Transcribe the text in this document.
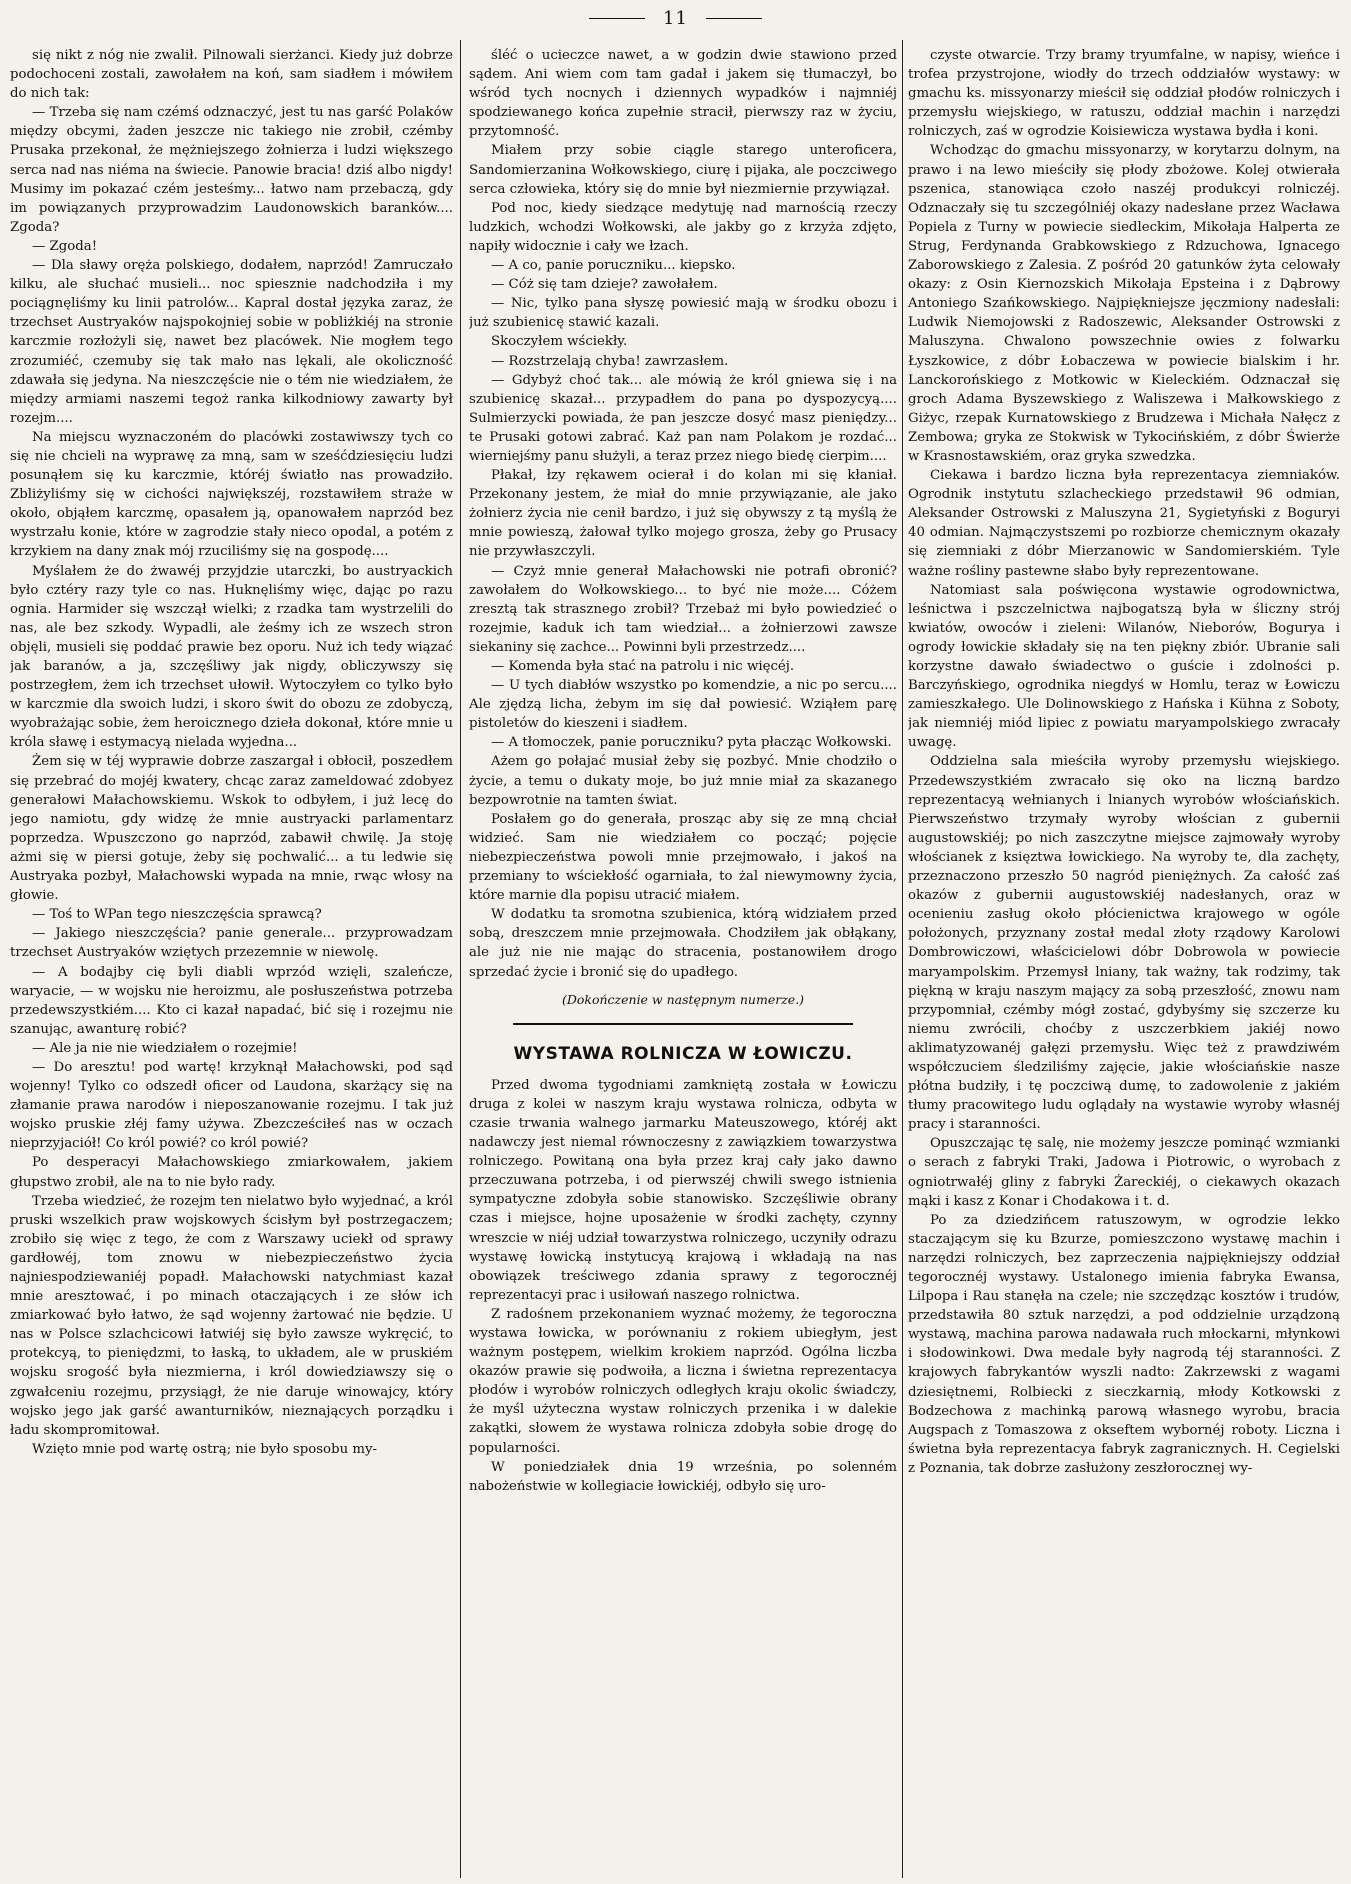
11

się nikt z nóg nie zwalił. Pilnowali sierżanci. Kiedy już dobrze podochoceni zostali, zawołałem na koń, sam siadłem i mówiłem do nich tak:

— Trzeba się nam czémś odznaczyć, jest tu nas garść Polaków między obcymi, żaden jeszcze nic takiego nie zrobił, czémby Prusaka przekonał, że mężniejszego żołnierza i ludzi większego serca nad nas niéma na świecie. Panowie bracia! dziś albo nigdy! Musimy im pokazać czém jesteśmy... łatwo nam przebaczą, gdy im powiązanych przyprowadzim Laudonowskich baranków.... Zgoda?

— Zgoda!

— Dla sławy oręża polskiego, dodałem, naprzód! Zamruczało kilku, ale słuchać musieli... noc spiesznie nadchodziła i my pociągnęliśmy ku linii patrolów... Kapral dostał języka zaraz, że trzechset Austryaków najspokojniej sobie w pobliżkiéj na stronie karczmie rozłożyli się, nawet bez placówek. Nie mogłem tego zrozumiéć, czemuby się tak mało nas lękali, ale okoliczność zdawała się jedyna. Na nieszczęście nie o tém nie wiedziałem, że między armiami naszemi tegoż ranka kilkodniowy zawarty był rozejm....

Na miejscu wyznaczoném do placówki zostawiwszy tych co się nie chcieli na wyprawę za mną, sam w sześćdziesięciu ludzi posunąłem się ku karczmie, któréj światło nas prowadziło. Zbliżyliśmy się w cichości największéj, rozstawiłem straże w około, objąłem karczmę, opasałem ją, opanowałem naprzód bez wystrzału konie, które w zagrodzie stały nieco opodal, a potém z krzykiem na dany znak mój rzuciliśmy się na gospodę....

Myślałem że do żwawéj przyjdzie utarczki, bo austryackich było cztéry razy tyle co nas. Huknęliśmy więc, dając po razu ognia. Harmider się wszczął wielki; z rzadka tam wystrzelili do nas, ale bez szkody. Wypadli, ale żeśmy ich ze wszech stron objęli, musieli się poddać prawie bez oporu. Nuż ich tedy wiązać jak baranów, a ja, szczęśliwy jak nigdy, obliczywszy się postrzegłem, żem ich trzechset ułowił. Wytoczyłem co tylko było w karczmie dla swoich ludzi, i skoro świt do obozu ze zdobyczą, wyobrażając sobie, żem heroicznego dzieła dokonał, które mnie u króla sławę i estymacyą nielada wyjedna...

Żem się w téj wyprawie dobrze zaszargał i obłocił, poszedłem się przebrać do mojéj kwatery, chcąc zaraz zameldować zdobyez generałowi Małachowskiemu. Wskok to odbyłem, i już lecę do jego namiotu, gdy widzę że mnie austryacki parlamentarz poprzedza. Wpuszczono go naprzód, zabawił chwilę. Ja stoję ażmi się w piersi gotuje, żeby się pochwalić... a tu ledwie się Austryaka pozbył, Małachowski wypada na mnie, rwąc włosy na głowie.

— Toś to WPan tego nieszczęścia sprawcą?

— Jakiego nieszczęścia? panie generale... przyprowadzam trzechset Austryaków wziętych przezemnie w niewolę.

— A bodajby cię byli diabli wprzód wzięli, szaleńcze, waryacie, — w wojsku nie heroizmu, ale posłuszeństwa potrzeba przedewszystkiém.... Kto ci kazał napadać, bić się i rozejmu nie szanując, awanturę robić?

— Ale ja nie nie wiedziałem o rozejmie!

— Do aresztu! pod wartę! krzyknął Małachowski, pod sąd wojenny! Tylko co odszedł oficer od Laudona, skarżący się na złamanie prawa narodów i nieposzanowanie rozejmu. I tak już wojsko pruskie złéj famy używa. Zbezcześciłeś nas w oczach nieprzyjaciół! Co król powié? co król powié?

Po desperacyi Małachowskiego zmiarkowałem, jakiem głupstwo zrobił, ale na to nie było rady.

Trzeba wiedzieć, że rozejm ten nielatwo było wyjednać, a król pruski wszelkich praw wojskowych ścisłym był postrzegaczem; zrobiło się więc z tego, że com z Warszawy uciekł od sprawy gardłowéj, tom znowu w niebezpieczeństwo życia najniespodziewaniéj popadł. Małachowski natychmiast kazał mnie aresztować, i po minach otaczających i ze słów ich zmiarkować było łatwo, że sąd wojenny żartować nie będzie. U nas w Polsce szlachcicowi łatwiéj się było zawsze wykręcić, to protekcyą, to pieniędzmi, to łaską, to układem, ale w pruskiém wojsku srogość była niezmierna, i król dowiedziawszy się o zgwałceniu rozejmu, przysiągł, że nie daruje winowajcy, który wojsko jego jak garść awanturników, nieznających porządku i ładu skompromitował.

Wzięto mnie pod wartę ostrą; nie było sposobu my-

śléć o ucieczce nawet, a w godzin dwie stawiono przed sądem. Ani wiem com tam gadał i jakem się tłumaczył, bo wśród tych nocnych i dziennych wypadków i najmniéj spodziewanego końca zupełnie stracił, pierwszy raz w życiu, przytomność.

Miałem przy sobie ciągle starego unteroficera, Sandomierzanina Wołkowskiego, ciurę i pijaka, ale poczciwego serca człowieka, który się do mnie był niezmiernie przywiązał.

Pod noc, kiedy siedzące medytuję nad marnością rzeczy ludzkich, wchodzi Wołkowski, ale jakby go z krzyża zdjęto, napiły widocznie i cały we łzach.

— A co, panie poruczniku... kiepsko.

— Cóż się tam dzieje? zawołałem.

— Nic, tylko pana słyszę powiesić mają w środku obozu i już szubienicę stawić kazali.

Skoczyłem wściekły.

— Rozstrzelają chyba! zawrzasłem.

— Gdybyż choć tak... ale mówią że król gniewa się i na szubienicę skazał... przypadłem do pana po dyspozycyą.... Sulmierzycki powiada, że pan jeszcze dosyć masz pieniędzy... te Prusaki gotowi zabrać. Każ pan nam Polakom je rozdać... wierniejśmy panu służyli, a teraz przez niego biedę cierpim....

Płakał, łzy rękawem ocierał i do kolan mi się kłaniał. Przekonany jestem, że miał do mnie przywiązanie, ale jako żołnierz życia nie cenił bardzo, i już się obywszy z tą myślą że mnie powieszą, żałował tylko mojego grosza, żeby go Prusacy nie przywłaszczyli.

— Czyż mnie generał Małachowski nie potrafi obronić? zawołałem do Wołkowskiego... to być nie może.... Cóżem zresztą tak strasznego zrobił? Trzebaż mi było powiedzieć o rozejmie, kaduk ich tam wiedział... a żołnierzowi zawsze siekaniny się zachce... Powinni byli przestrzedz....

— Komenda była stać na patrolu i nic więcéj.

— U tych diabłów wszystko po komendzie, a nic po sercu.... Ale zjędzą licha, żebym im się dał powiesić. Wziąłem parę pistoletów do kieszeni i siadłem.

— A tłomoczek, panie poruczniku? pyta płacząc Wołkowski.

Ażem go połajać musiał żeby się pozbyć. Mnie chodziło o życie, a temu o dukaty moje, bo już mnie miał za skazanego bezpowrotnie na tamten świat.

Posłałem go do generała, prosząc aby się ze mną chciał widzieć. Sam nie wiedziałem co począć; pojęcie niebezpieczeństwa powoli mnie przejmowało, i jakoś na przemiany to wściekłość ogarniała, to żal niewymowny życia, które marnie dla popisu utracić miałem.

W dodatku ta sromotna szubienica, którą widziałem przed sobą, dreszczem mnie przejmowała. Chodziłem jak obłąkany, ale już nie nie mając do stracenia, postanowiłem drogo sprzedać życie i bronić się do upadłego.

(Dokończenie w następnym numerze.)

WYSTAWA ROLNICZA W ŁOWICZU.

Przed dwoma tygodniami zamkniętą została w Łowiczu druga z kolei w naszym kraju wystawa rolnicza, odbyta w czasie trwania walnego jarmarku Mateuszowego, któréj akt nadawczy jest niemal równoczesny z zawiązkiem towarzystwa rolniczego. Powitaną ona była przez kraj cały jako dawno przeczuwana potrzeba, i od pierwszéj chwili swego istnienia sympatyczne zdobyła sobie stanowisko. Szczęśliwie obrany czas i miejsce, hojne uposażenie w środki zachęty, czynny wreszcie w niéj udział towarzystwa rolniczego, uczyniły odrazu wystawę łowicką instytucyą krajową i wkładają na nas obowiązek treściwego zdania sprawy z tegorocznéj reprezentacyi prac i usiłowań naszego rolnictwa.

Z radośnem przekonaniem wyznać możemy, że tegoroczna wystawa łowicka, w porównaniu z rokiem ubiegłym, jest ważnym postępem, wielkim krokiem naprzód. Ogólna liczba okazów prawie się podwoiła, a liczna i świetna reprezentacya płodów i wyrobów rolniczych odległych kraju okolic świadczy, że myśl użyteczna wystaw rolniczych przenika i w dalekie zakątki, słowem że wystawa rolnicza zdobyła sobie drogę do popularności.

W poniedziałek dnia 19 września, po solenném nabożeństwie w kollegiacie łowickiéj, odbyło się uro-

czyste otwarcie. Trzy bramy tryumfalne, w napisy, wieńce i trofea przystrojone, wiodły do trzech oddziałów wystawy: w gmachu ks. missyonarzy mieścił się oddział płodów rolniczych i przemysłu wiejskiego, w ratuszu, oddział machin i narzędzi rolniczych, zaś w ogrodzie Koisiewicza wystawa bydła i koni.

Wchodząc do gmachu missyonarzy, w korytarzu dolnym, na prawo i na lewo mieściły się płody zbożowe. Kolej otwierała pszenica, stanowiąca czoło naszéj produkcyi rolniczéj. Odznaczały się tu szczególniéj okazy nadesłane przez Wacława Popiela z Turny w powiecie siedleckim, Mikołaja Halperta ze Strug, Ferdynanda Grabkowskiego z Rdzuchowa, Ignacego Zaborowskiego z Zalesia. Z pośród 20 gatunków żyta celowały okazy: z Osin Kiernozskich Mikołaja Epsteina i z Dąbrowy Antoniego Szańkowskiego. Najpiękniejsze jęczmiony nadesłali: Ludwik Niemojowski z Radoszewic, Aleksander Ostrowski z Maluszyna. Chwalono powszechnie owies z folwarku Łyszkowice, z dóbr Łobaczewa w powiecie bialskim i hr. Lanckorońskiego z Motkowic w Kieleckiém. Odznaczał się groch Adama Byszewskiego z Waliszewa i Małkowskiego z Giżyc, rzepak Kurnatowskiego z Brudzewa i Michała Nałęcz z Zembowa; gryka ze Stokwisk w Tykocińskiém, z dóbr Świerże w Krasnostawskiém, oraz gryka szwedzka.

Ciekawa i bardzo liczna była reprezentacya ziemniaków. Ogrodnik instytutu szlacheckiego przedstawił 96 odmian, Aleksander Ostrowski z Maluszyna 21, Sygietyński z Boguryi 40 odmian. Najmączystszemi po rozbiorze chemicznym okazały się ziemniaki z dóbr Mierzanowic w Sandomierskiém. Tyle ważne rośliny pastewne słabo były reprezentowane.

Natomiast sala poświęcona wystawie ogrodownictwa, leśnictwa i pszczelnictwa najbogatszą była w śliczny strój kwiatów, owoców i zieleni: Wilanów, Nieborów, Bogurya i ogrody łowickie składały się na ten piękny zbiór. Ubranie sali korzystne dawało świadectwo o guście i zdolności p. Barczyńskiego, ogrodnika niegdyś w Homlu, teraz w Łowiczu zamieszkałego. Ule Dolinowskiego z Hańska i Kühna z Soboty, jak niemniéj miód lipiec z powiatu maryampolskiego zwracały uwagę.

Oddzielna sala mieściła wyroby przemysłu wiejskiego. Przedewszystkiém zwracało się oko na liczną bardzo reprezentacyą wełnianych i lnianych wyrobów włościańskich. Pierwszeństwo trzymały wyroby włościan z gubernii augustowskiéj; po nich zaszczytne miejsce zajmowały wyroby włościanek z księztwa łowickiego. Na wyroby te, dla zachęty, przeznaczono przeszło 50 nagród pieniężnych. Za całość zaś okazów z gubernii augustowskiéj nadesłanych, oraz w ocenieniu zasług około płócienictwa krajowego w ogóle położonych, przyznany został medal złoty rządowy Karolowi Dombrowiczowi, właścicielowi dóbr Dobrowola w powiecie maryampolskim. Przemysł lniany, tak ważny, tak rodzimy, tak piękną w kraju naszym mający za sobą przeszłość, znowu nam przypomniał, czémby mógł zostać, gdybyśmy się szczerze ku niemu zwrócili, choćby z uszczerbkiem jakiéj nowo aklimatyzowanéj gałęzi przemysłu. Więc też z prawdziwém współczuciem śledziliśmy zajęcie, jakie włościańskie nasze płótna budziły, i tę poczciwą dumę, to zadowolenie z jakiém tłumy pracowitego ludu oglądały na wystawie wyroby własnéj pracy i staranności.

Opuszczając tę salę, nie możemy jeszcze pominąć wzmianki o serach z fabryki Traki, Jadowa i Piotrowic, o wyrobach z ogniotrwałéj gliny z fabryki Żareckiéj, o ciekawych okazach mąki i kasz z Konar i Chodakowa i t. d.

Po za dziedzińcem ratuszowym, w ogrodzie lekko staczającym się ku Bzurze, pomieszczono wystawę machin i narzędzi rolniczych, bez zaprzeczenia najpiękniejszy oddział tegorocznéj wystawy. Ustalonego imienia fabryka Ewansa, Lilpopa i Rau stanęła na czele; nie szczędząc kosztów i trudów, przedstawiła 80 sztuk narzędzi, a pod oddzielnie urządzoną wystawą, machina parowa nadawała ruch młockarni, młynkowi i słodowinkowi. Dwa medale były nagrodą téj staranności. Z krajowych fabrykantów wyszli nadto: Zakrzewski z wagami dziesiętnemi, Rolbiecki z sieczkarnią, młody Kotkowski z Bodzechowa z machinką parową własnego wyrobu, bracia Augspach z Tomaszowa z okseftem wybornéj roboty. Liczna i świetna była reprezentacya fabryk zagranicznych. H. Cegielski z Poznania, tak dobrze zasłużony zeszłorocznej wy-
